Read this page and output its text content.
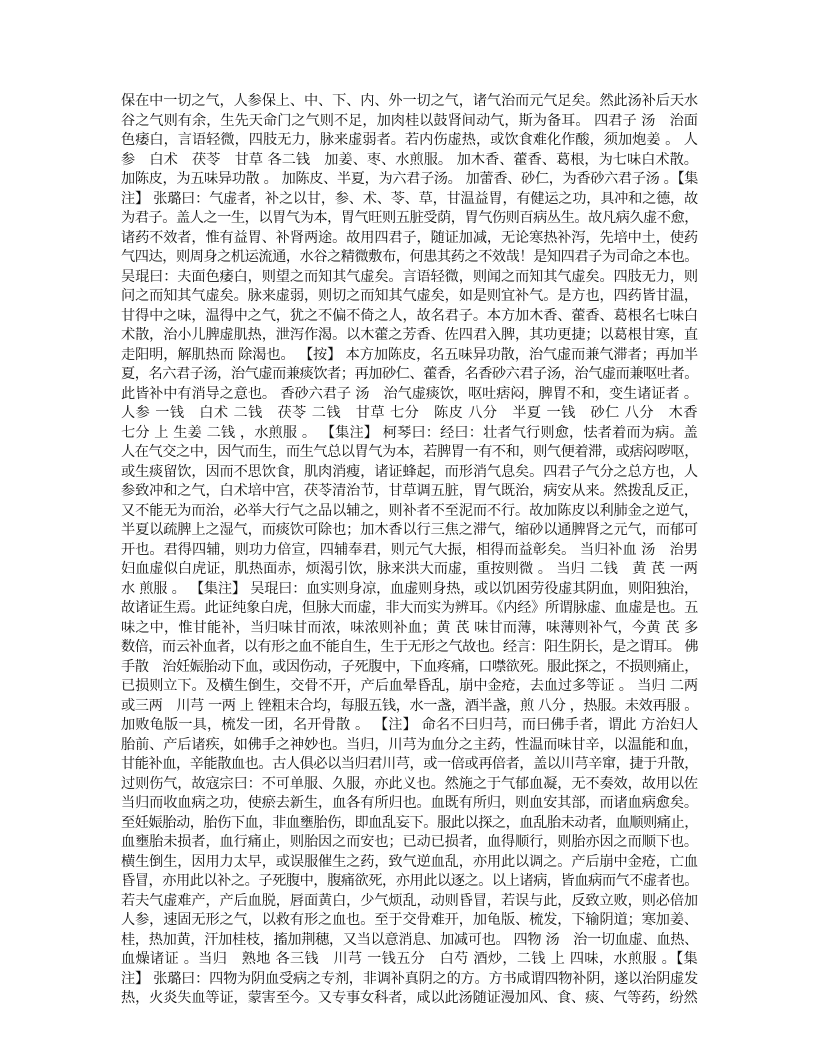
保在中一切之气，人参保上、中、下、内、外一切之气，诸气治而元气足矣。然此汤补后天水
谷之气则有余，生先天命门之气则不足，加肉桂以鼓肾间动气，斯为备耳。 四君子 汤　治面
色痿白，言语轻微，四肢无力，脉来虚弱者。若内伤虚热，或饮食难化作酸，须加炮姜 。 人
参　白术　茯苓　甘草 各二钱　加姜、枣、水煎服。 加木香、藿香、葛根，为七味白术散。
加陈皮，为五味异功散 。 加陈皮、半夏，为六君子汤。 加蕾香、砂仁，为香砂六君子汤 。【集
注】 张璐曰：气虚者，补之以甘，参、术、苓、草，甘温益胃，有健运之功，具冲和之德，故
为君子。盖人之一生，以胃气为本，胃气旺则五脏受荫，胃气伤则百病丛生。故凡病久虚不愈，
诸药不效者，惟有益胃、补肾两途。故用四君子，随证加减，无论寒热补泻，先培中土，使药
气四达，则周身之机运流通，水谷之精微敷布，何患其药之不效哉！是知四君子为司命之本也。
吴琨曰：夫面色痿白，则望之而知其气虚矣。言语轻微，则闻之而知其气虚矣。四肢无力，则
问之而知其气虚矣。脉来虚弱，则切之而知其气虚矣，如是则宜补气。是方也，四药皆甘温，
甘得中之味，温得中之气，犹之不偏不倚之人，故名君子。本方加木香、藿香、葛根名七味白
术散，治小儿脾虚肌热，泄泻作渴。以木藿之芳香、佐四君入脾，其功更捷；以葛根甘寒，直
走阳明，解肌热而 除渴也。 【按】 本方加陈皮，名五味异功散，治气虚而兼气滞者；再加半
夏，名六君子汤，治气虚而兼痰饮者；再加砂仁、藿香，名香砂六君子汤，治气虚而兼呕吐者。
此皆补中有消导之意也。 香砂六君子 汤　治气虚痰饮，呕吐痞闷，脾胃不和，变生诸证者 。
人参 一钱　白术 二钱　茯苓 二钱　甘草 七分　陈皮 八分　半夏 一钱　砂仁 八分　木香
七分 上 生姜 二钱 ，水煎服 。 【集注】 柯琴曰：经曰：壮者气行则愈，怯者着而为病。盖
人在气交之中，因气而生，而生气总以胃气为本，若脾胃一有不和，则气便着滞，或痞闷哕呕，
或生痰留饮，因而不思饮食，肌肉消瘦，诸证蜂起，而形消气息矣。四君子气分之总方也，人
参致冲和之气，白术培中宫，茯苓清治节，甘草调五脏，胃气既治，病安从来。然拨乱反正，
又不能无为而治，必举大行气之品以辅之，则补者不至泥而不行。故加陈皮以利肺金之逆气，
半夏以疏脾上之湿气，而痰饮可除也；加木香以行三焦之滞气，缩砂以通脾肾之元气，而郁可
开也。君得四辅，则功力倍宣，四辅奉君，则元气大振，相得而益彰矣。 当归补血 汤　治男
妇血虚似白虎证，肌热面赤，烦渴引饮，脉来洪大而虚，重按则微 。 当归 二钱　黄 芪 一两
水 煎服 。 【集注】 吴琨曰：血实则身凉，血虚则身热，或以饥困劳役虚其阴血，则阳独治，
故诸证生焉。此证纯象白虎，但脉大而虚，非大而实为辨耳。《内经》所谓脉虚、血虚是也。五
味之中，惟甘能补，当归味甘而浓，味浓则补血；黄 芪 味甘而薄，味薄则补气，今黄 芪 多
数倍，而云补血者，以有形之血不能自生，生于无形之气故也。经言：阳生阴长，是之谓耳。 佛
手散　治妊娠胎动下血，或因伤动，子死腹中，下血疼痛，口噤欲死。服此探之，不损则痛止，
已损则立下。及横生倒生，交骨不开，产后血晕昏乱，崩中金疮，去血过多等证 。 当归 二两
或三两　川芎 一两 上 锉粗末合均，每服五钱，水一盏，酒半盏，煎 八分 ，热服。未效再服 。
加败龟版一具，梳发一团，名开骨散 。 【注】 命名不曰归芎，而曰佛手者，谓此 方治妇人
胎前、产后诸疾，如佛手之神妙也。当归，川芎为血分之主药，性温而味甘辛，以温能和血，
甘能补血，辛能散血也。古人俱必以当归君川芎，或一倍或再倍者，盖以川芎辛窜，捷于升散，
过则伤气，故寇宗曰：不可单服、久服，亦此义也。然施之于气郁血凝，无不奏效，故用以佐
当归而收血病之功，使瘀去新生，血各有所归也。血既有所归，则血安其部，而诸血病愈矣。
至妊娠胎动，胎伤下血，非血壅胎伤，即血乱妄下。服此以探之，血乱胎未动者，血顺则痛止，
血壅胎未损者，血行痛止，则胎因之而安也；已动已损者，血得顺行，则胎亦因之而顺下也。
横生倒生，因用力太早，或误服催生之药，致气逆血乱，亦用此以调之。产后崩中金疮，亡血
昏冒，亦用此以补之。子死腹中，腹痛欲死，亦用此以逐之。以上诸病，皆血病而气不虚者也。
若夫气虚难产，产后血脱，唇面黄白，少气烦乱，动则昏冒，若误与此，反致立败，则必倍加
人参，速固无形之气，以救有形之血也。至于交骨难开，加龟版、梳发，下输阴道；寒加姜、
桂，热加黄，汗加桂枝，搐加荆穗，又当以意消息、加减可也。 四物 汤　治一切血虚、血热、
血燥诸证 。当归　熟地 各三钱　川芎 一钱五分　白芍 酒炒，二钱 上 四味，水煎服 。【集
注】 张璐曰：四物为阴血受病之专剂，非调补真阴之的方。方书咸谓四物补阴，遂以治阴虚发
热，火炎失血等证，蒙害至今。又专事女科者，咸以此汤随证漫加风、食、痰、气等药，纷然
